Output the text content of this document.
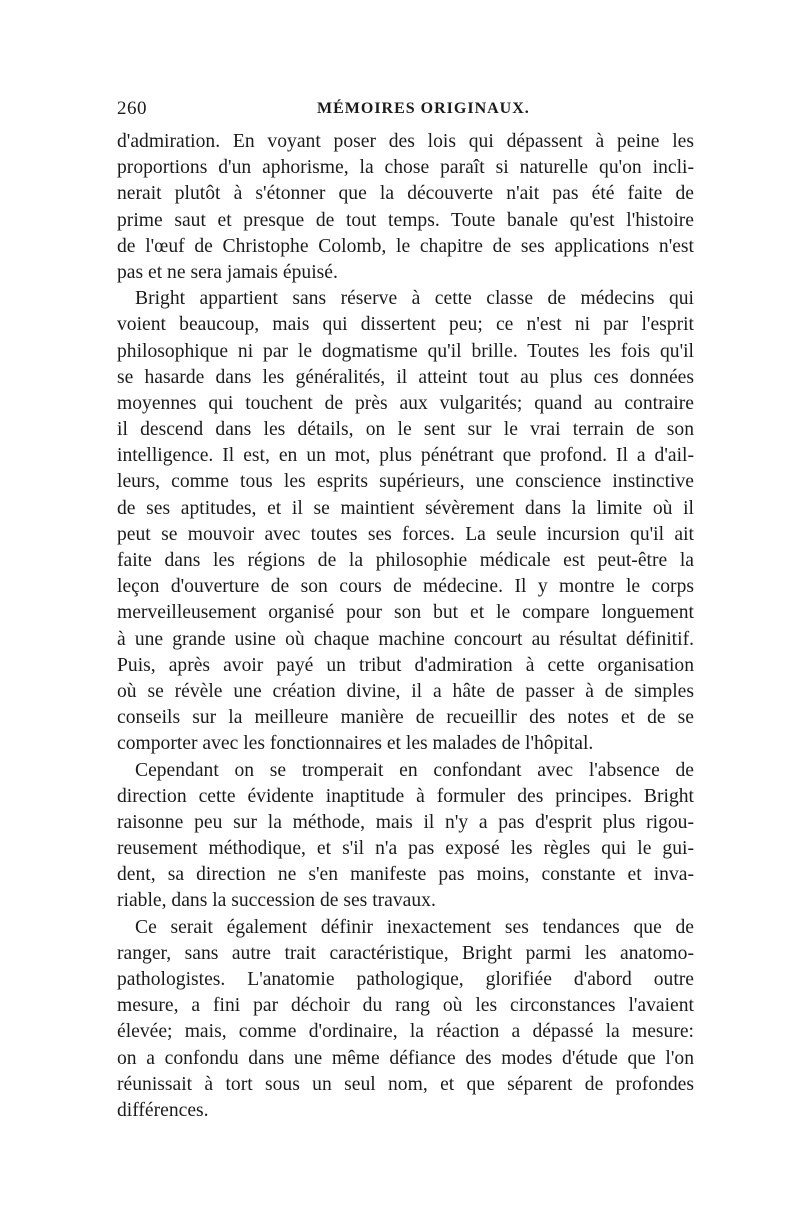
260	MÉMOIRES ORIGINAUX.
d'admiration. En voyant poser des lois qui dépassent à peine les
proportions d'un aphorisme, la chose paraît si naturelle qu'on incli-
nerait plutôt à s'étonner que la découverte n'ait pas été faite de
prime saut et presque de tout temps. Toute banale qu'est l'histoire
de l'œuf de Christophe Colomb, le chapitre de ses applications n'est
pas et ne sera jamais épuisé.
Bright appartient sans réserve à cette classe de médecins qui
voient beaucoup, mais qui dissertent peu; ce n'est ni par l'esprit
philosophique ni par le dogmatisme qu'il brille. Toutes les fois qu'il
se hasarde dans les généralités, il atteint tout au plus ces données
moyennes qui touchent de près aux vulgarités; quand au contraire
il descend dans les détails, on le sent sur le vrai terrain de son
intelligence. Il est, en un mot, plus pénétrant que profond. Il a d'ail-
leurs, comme tous les esprits supérieurs, une conscience instinctive
de ses aptitudes, et il se maintient sévèrement dans la limite où il
peut se mouvoir avec toutes ses forces. La seule incursion qu'il ait
faite dans les régions de la philosophie médicale est peut-être la
leçon d'ouverture de son cours de médecine. Il y montre le corps
merveilleusement organisé pour son but et le compare longuement
à une grande usine où chaque machine concourt au résultat définitif.
Puis, après avoir payé un tribut d'admiration à cette organisation
où se révèle une création divine, il a hâte de passer à de simples
conseils sur la meilleure manière de recueillir des notes et de se
comporter avec les fonctionnaires et les malades de l'hôpital.
Cependant on se tromperait en confondant avec l'absence de
direction cette évidente inaptitude à formuler des principes. Bright
raisonne peu sur la méthode, mais il n'y a pas d'esprit plus rigou-
reusement méthodique, et s'il n'a pas exposé les règles qui le gui-
dent, sa direction ne s'en manifeste pas moins, constante et inva-
riable, dans la succession de ses travaux.
Ce serait également définir inexactement ses tendances que de
ranger, sans autre trait caractéristique, Bright parmi les anatomo-
pathologistes. L'anatomie pathologique, glorifiée d'abord outre
mesure, a fini par déchoir du rang où les circonstances l'avaient
élevée; mais, comme d'ordinaire, la réaction a dépassé la mesure:
on a confondu dans une même défiance des modes d'étude que l'on
réunissait à tort sous un seul nom, et que séparent de profondes
différences.
